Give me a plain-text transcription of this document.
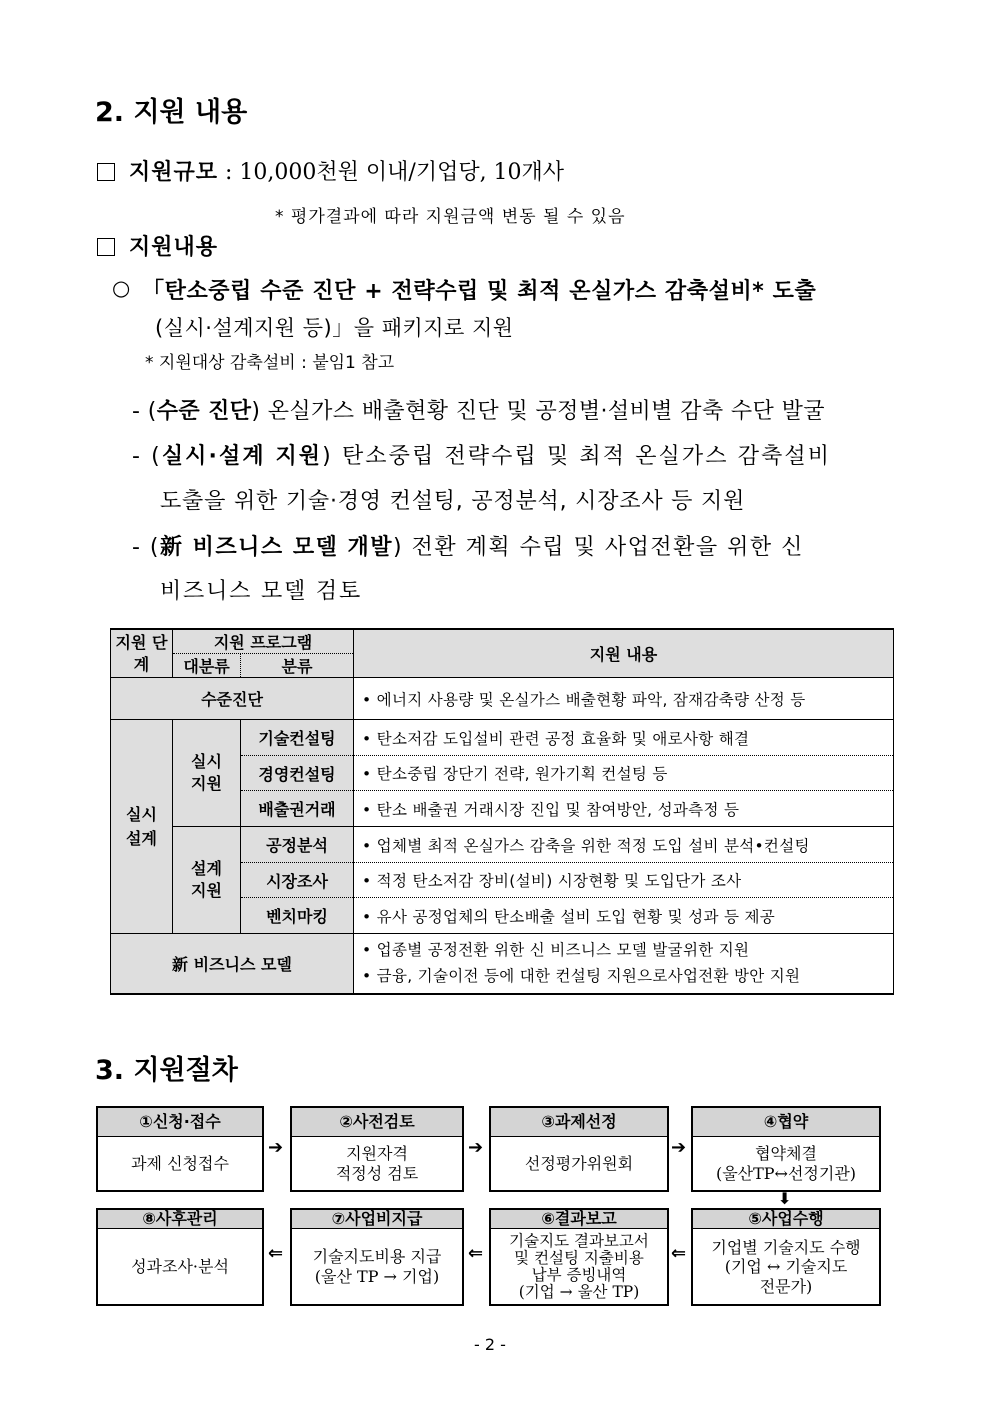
2. 지원 내용
지원규모 : 10,000천원 이내/기업당, 10개사
* 평가결과에 따라 지원금액 변동 될 수 있음
지원내용
○ 「탄소중립 수준 진단 + 전략수립 및 최적 온실가스 감축설비* 도출
(실시·설계지원 등)」을 패키지로 지원
* 지원대상 감축설비 : 붙임1 참고
- (수준 진단) 온실가스 배출현황 진단 및 공정별·설비별 감축 수단 발굴
- (실시·설계 지원) 탄소중립 전략수립 및 최적 온실가스 감축설비
도출을 위한 기술·경영 컨설팅, 공정분석, 시장조사 등 지원
- (新 비즈니스 모델 개발) 전환 계획 수립 및 사업전환을 위한 신
비즈니스 모델 검토
지원 단계	지원 프로그램		지원 내용
	대분류	분류	
수준진단			• 에너지 사용량 및 온실가스 배출현황 파악, 잠재감축량 산정 등
실시 설계	실시 지원	기술컨설팅	• 탄소저감 도입설비 관련 공정 효율화 및 애로사항 해결
		경영컨설팅	• 탄소중립 장단기 전략, 원가기획 컨설팅 등
		배출권거래	• 탄소 배출권 거래시장 진입 및 참여방안, 성과측정 등
	설계 지원	공정분석	• 업체별 최적 온실가스 감축을 위한 적정 도입 설비 분석•컨설팅
		시장조사	• 적정 탄소저감 장비(설비) 시장현황 및 도입단가 조사
		벤치마킹	• 유사 공정업체의 탄소배출 설비 도입 현황 및 성과 등 제공
新 비즈니스 모델			• 업종별 공정전환 위한 신 비즈니스 모델 발굴위한 지원
• 금융, 기술이전 등에 대한 컨설팅 지원으로사업전환 방안 지원
3. 지원절차
①신청·접수
과제 신청접수
➔
②사전검토
지원자격
적정성 검토
➔
③과제선정
선정평가위원회
➔
④협약
협약체결
(울산TP↔선정기관)
⬇
⑧사후관리
성과조사·분석
⇐
⑦사업비지급
기술지도비용 지급
(울산 TP → 기업)
⇐
⑥결과보고
기술지도 결과보고서
및 컨설팅 지출비용
납부 증빙내역
(기업 → 울산 TP)
⇐
⑤사업수행
기업별 기술지도 수행
(기업 ↔ 기술지도
전문가)
- 2 -
